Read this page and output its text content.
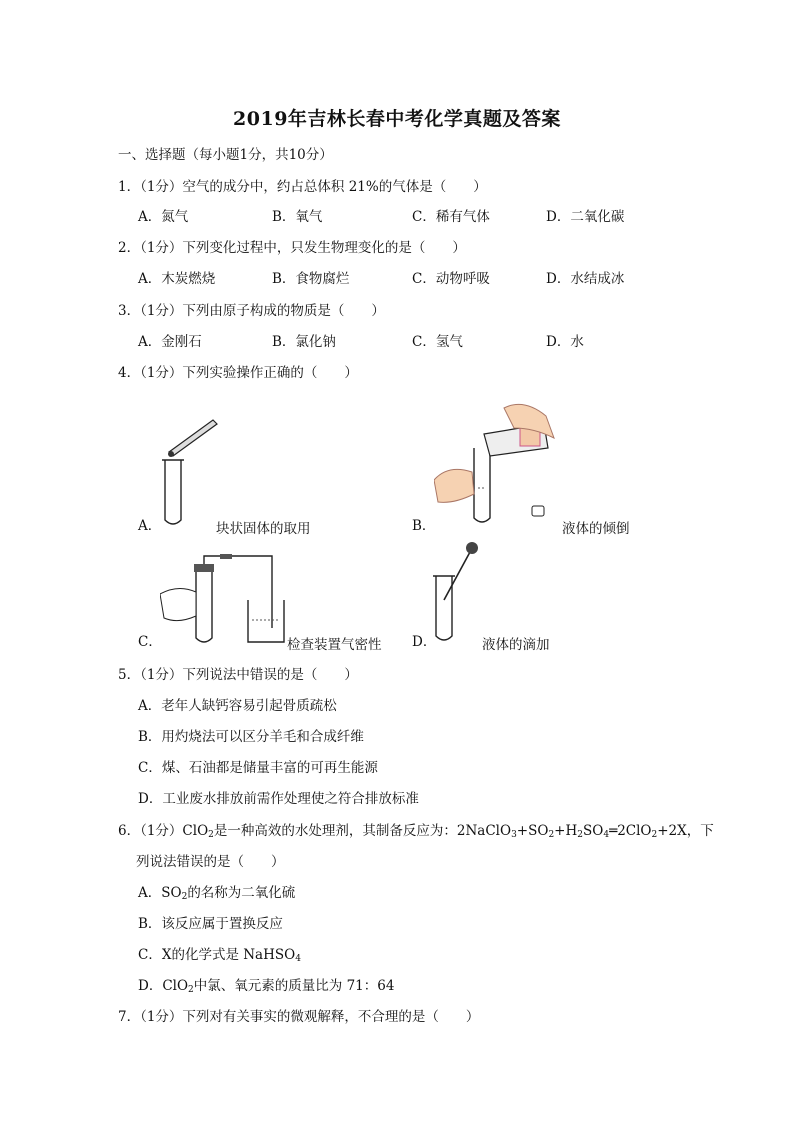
2019年吉林长春中考化学真题及答案
一、选择题（每小题1分，共10分）
1．（1分）空气的成分中，约占总体积 21%的气体是（　　）
A．氮气	B．氧气	C．稀有气体	D．二氧化碳
2．（1分）下列变化过程中，只发生物理变化的是（　　）
A．木炭燃烧	B．食物腐烂	C．动物呼吸	D．水结成冰
3．（1分）下列由原子构成的物质是（　　）
A．金刚石	B．氯化钠	C．氢气	D．水
4．（1分）下列实验操作正确的（　　）
A．	块状固体的取用	B．	液体的倾倒
C．	检查装置气密性 D．	液体的滴加
5．（1分）下列说法中错误的是（　　）
A．老年人缺钙容易引起骨质疏松
B．用灼烧法可以区分羊毛和合成纤维
C．煤、石油都是储量丰富的可再生能源
D．工业废水排放前需作处理使之符合排放标准
6．（1分）ClO$_2$是一种高效的水处理剂，其制备反应为：$2NaClO_3+SO_2+H_2SO_4═2ClO_2+2X$，下
列说法错误的是（　　）
A．$SO_2$的名称为二氧化硫
B．该反应属于置换反应
C．X的化学式是 NaHSO$_4$
D．ClO$_2$中氯、氧元素的质量比为 71：64
7．（1分）下列对有关事实的微观解释，不合理的是（　　）
